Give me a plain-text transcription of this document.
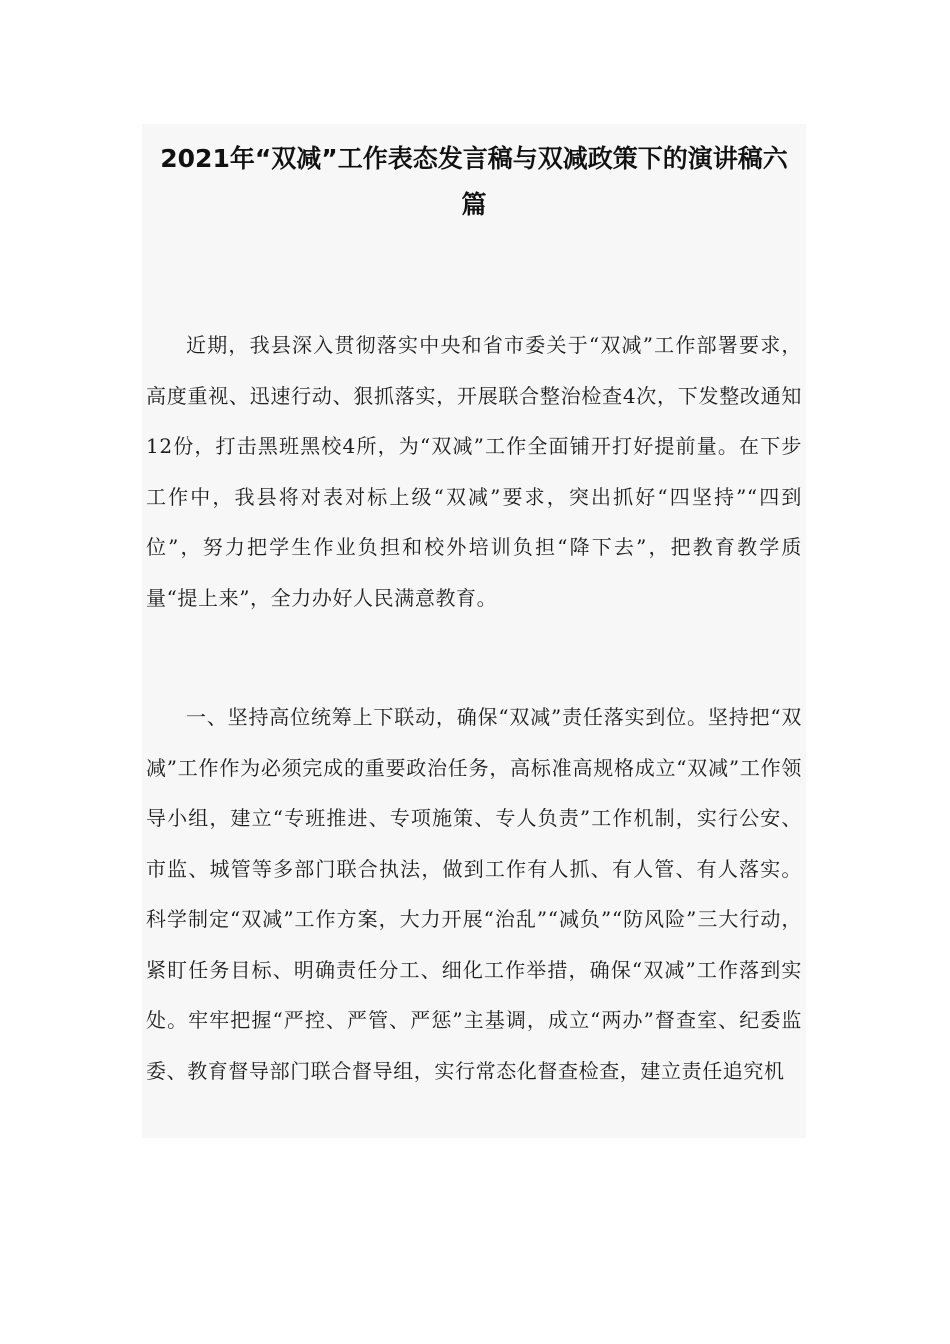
2021年“双减”工作表态发言稿与双减政策下的演讲稿六篇

近期，我县深入贯彻落实中央和省市委关于“双减”工作部署要求，高度重视、迅速行动、狠抓落实，开展联合整治检查4次，下发整改通知12份，打击黑班黑校4所，为“双减”工作全面铺开打好提前量。在下步工作中，我县将对表对标上级“双减”要求，突出抓好“四坚持”“四到位”，努力把学生作业负担和校外培训负担“降下去”，把教育教学质量“提上来”，全力办好人民满意教育。

一、坚持高位统筹上下联动，确保“双减”责任落实到位。坚持把“双减”工作作为必须完成的重要政治任务，高标准高规格成立“双减”工作领导小组，建立“专班推进、专项施策、专人负责”工作机制，实行公安、市监、城管等多部门联合执法，做到工作有人抓、有人管、有人落实。科学制定“双减”工作方案，大力开展“治乱”“减负”“防风险”三大行动，紧盯任务目标、明确责任分工、细化工作举措，确保“双减”工作落到实处。牢牢把握“严控、严管、严惩”主基调，成立“两办”督查室、纪委监委、教育督导部门联合督导组，实行常态化督查检查，建立责任追究机
